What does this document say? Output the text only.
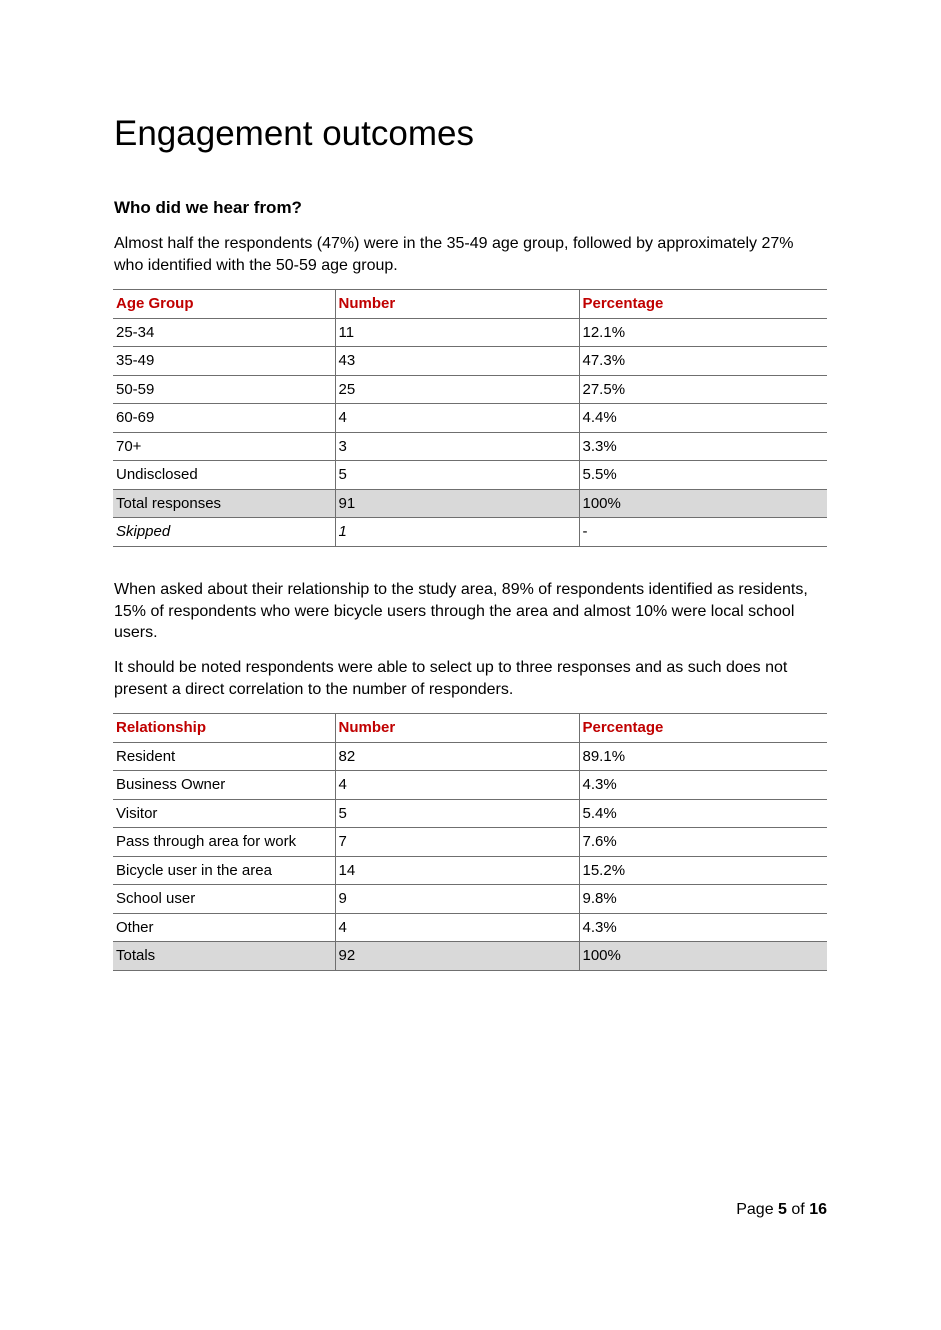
Engagement outcomes
Who did we hear from?

Almost half the respondents (47%) were in the 35-49 age group, followed by approximately 27% who identified with the 50-59 age group.

Age Group	Number	Percentage
25-34	11	12.1%
35-49	43	47.3%
50-59	25	27.5%
60-69	4	4.4%
70+	3	3.3%
Undisclosed	5	5.5%
Total responses	91	100%
Skipped	1	-

When asked about their relationship to the study area, 89% of respondents identified as residents, 15% of respondents who were bicycle users through the area and almost 10% were local school users.

It should be noted respondents were able to select up to three responses and as such does not present a direct correlation to the number of responders.

Relationship	Number	Percentage
Resident	82	89.1%
Business Owner	4	4.3%
Visitor	5	5.4%
Pass through area for work	7	7.6%
Bicycle user in the area	14	15.2%
School user	9	9.8%
Other	4	4.3%
Totals	92	100%

Page 5 of 16
